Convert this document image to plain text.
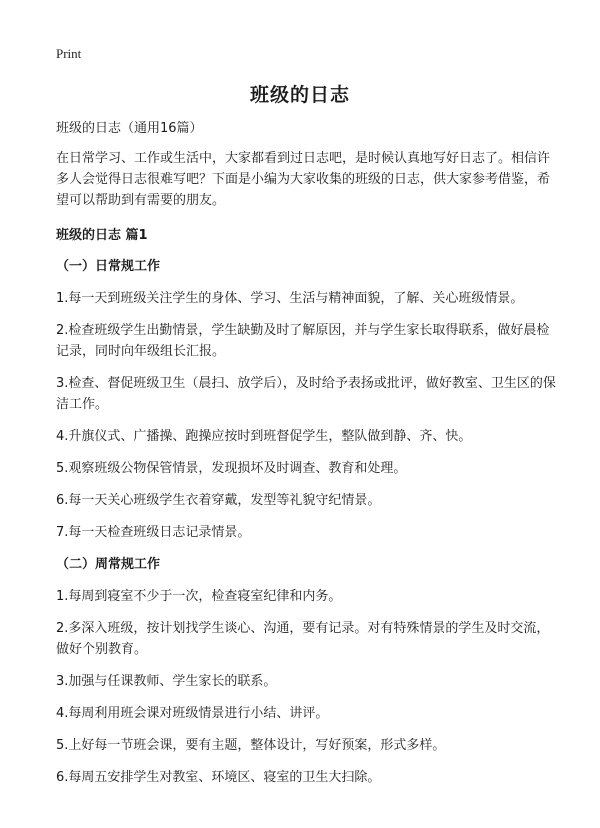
Print
班级的日志

班级的日志（通用16篇）

在日常学习、工作或生活中，大家都看到过日志吧，是时候认真地写好日志了。相信许多人会觉得日志很难写吧？下面是小编为大家收集的班级的日志，供大家参考借鉴，希望可以帮助到有需要的朋友。

班级的日志 篇1

（一）日常规工作

1.每一天到班级关注学生的身体、学习、生活与精神面貌，了解、关心班级情景。

2.检查班级学生出勤情景，学生缺勤及时了解原因，并与学生家长取得联系，做好晨检记录，同时向年级组长汇报。

3.检查、督促班级卫生（晨扫、放学后），及时给予表扬或批评，做好教室、卫生区的保洁工作。

4.升旗仪式、广播操、跑操应按时到班督促学生，整队做到静、齐、快。

5.观察班级公物保管情景，发现损坏及时调查、教育和处理。

6.每一天关心班级学生衣着穿戴，发型等礼貌守纪情景。

7.每一天检查班级日志记录情景。

（二）周常规工作

1.每周到寝室不少于一次，检查寝室纪律和内务。

2.多深入班级，按计划找学生谈心、沟通，要有记录。对有特殊情景的学生及时交流，做好个别教育。

3.加强与任课教师、学生家长的联系。

4.每周利用班会课对班级情景进行小结、讲评。

5.上好每一节班会课，要有主题，整体设计，写好预案，形式多样。

6.每周五安排学生对教室、环境区、寝室的卫生大扫除。
